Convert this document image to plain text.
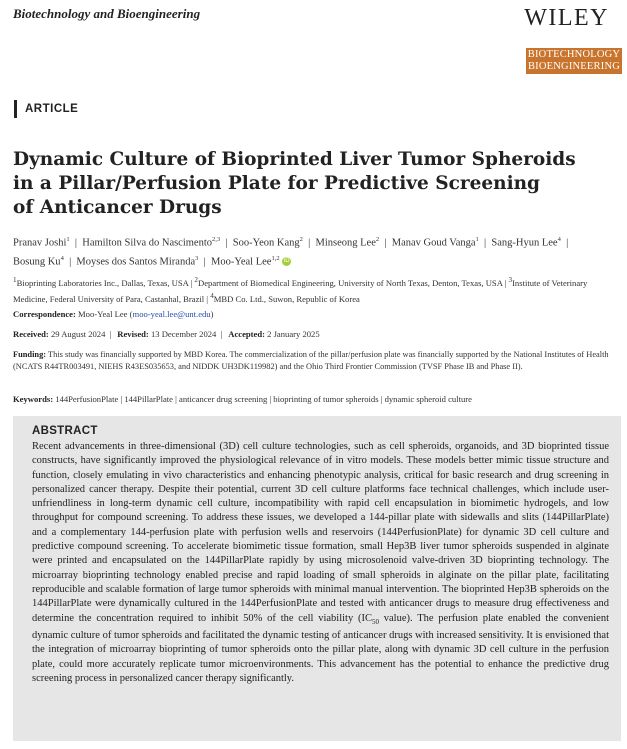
Biotechnology and Bioengineering	WILEY
BIOTECHNOLOGY
BIOENGINEERING
ARTICLE
Dynamic Culture of Bioprinted Liver Tumor Spheroids
in a Pillar/Perfusion Plate for Predictive Screening
of Anticancer Drugs
Pranav Joshi$^1$  |  Hamilton Silva do Nascimento$^{2,3}$  |  Soo-Yeon Kang$^2$  |  Minseong Lee$^2$  |  Manav Goud Vanga$^1$  |  Sang-Hyun Lee$^4$  |
Bosung Ku$^4$  |  Moyses dos Santos Miranda$^3$  |  Moo-Yeal Lee$^{1,2}$ iD
$^1$Bioprinting Laboratories Inc., Dallas, Texas, USA | $^2$Department of Biomedical Engineering, University of North Texas, Denton, Texas, USA | $^3$Institute of Veterinary Medicine, Federal University of Para, Castanhal, Brazil | $^4$MBD Co. Ltd., Suwon, Republic of Korea
Correspondence: Moo-Yeal Lee (moo-yeal.lee@unt.edu)
Received: 29 August 2024 | Revised: 13 December 2024 | Accepted: 2 January 2025
Funding: This study was financially supported by MBD Korea. The commercialization of the pillar/perfusion plate was financially supported by the National Institutes of Health (NCATS R44TR003491, NIEHS R43ES035653, and NIDDK UH3DK119982) and the Ohio Third Frontier Commission (TVSF Phase IB and Phase II).
Keywords: 144PerfusionPlate | 144PillarPlate | anticancer drug screening | bioprinting of tumor spheroids | dynamic spheroid culture
ABSTRACT

Recent advancements in three-dimensional (3D) cell culture technologies, such as cell spheroids, organoids, and 3D bioprinted tissue constructs, have significantly improved the physiological relevance of in vitro models. These models better mimic tissue structure and function, closely emulating in vivo characteristics and enhancing phenotypic analysis, critical for basic research and drug screening in personalized cancer therapy. Despite their potential, current 3D cell culture platforms face technical challenges, which include user-unfriendliness in long-term dynamic cell culture, incompatibility with rapid cell encapsulation in biomimetic hydrogels, and low throughput for compound screening. To address these issues, we developed a 144-pillar plate with sidewalls and slits (144PillarPlate) and a complementary 144-perfusion plate with perfusion wells and reservoirs (144PerfusionPlate) for dynamic 3D cell culture and predictive compound screening. To accelerate biomimetic tissue formation, small Hep3B liver tumor spheroids suspended in alginate were printed and encapsulated on the 144PillarPlate rapidly by using microsolenoid valve-driven 3D bioprinting technology. The microarray bioprinting technology enabled precise and rapid loading of small spheroids in alginate on the pillar plate, facilitating reproducible and scalable formation of large tumor spheroids with minimal manual intervention. The bioprinted Hep3B spheroids on the 144PillarPlate were dynamically cultured in the 144PerfusionPlate and tested with anticancer drugs to measure drug effectiveness and determine the concentration required to inhibit 50% of the cell viability ($IC_{50}$ value). The perfusion plate enabled the convenient dynamic culture of tumor spheroids and facilitated the dynamic testing of anticancer drugs with increased sensitivity. It is envisioned that the integration of microarray bioprinting of tumor spheroids onto the pillar plate, along with dynamic 3D cell culture in the perfusion plate, could more accurately replicate tumor microenvironments. This advancement has the potential to enhance the predictive drug screening process in personalized cancer therapy significantly.
